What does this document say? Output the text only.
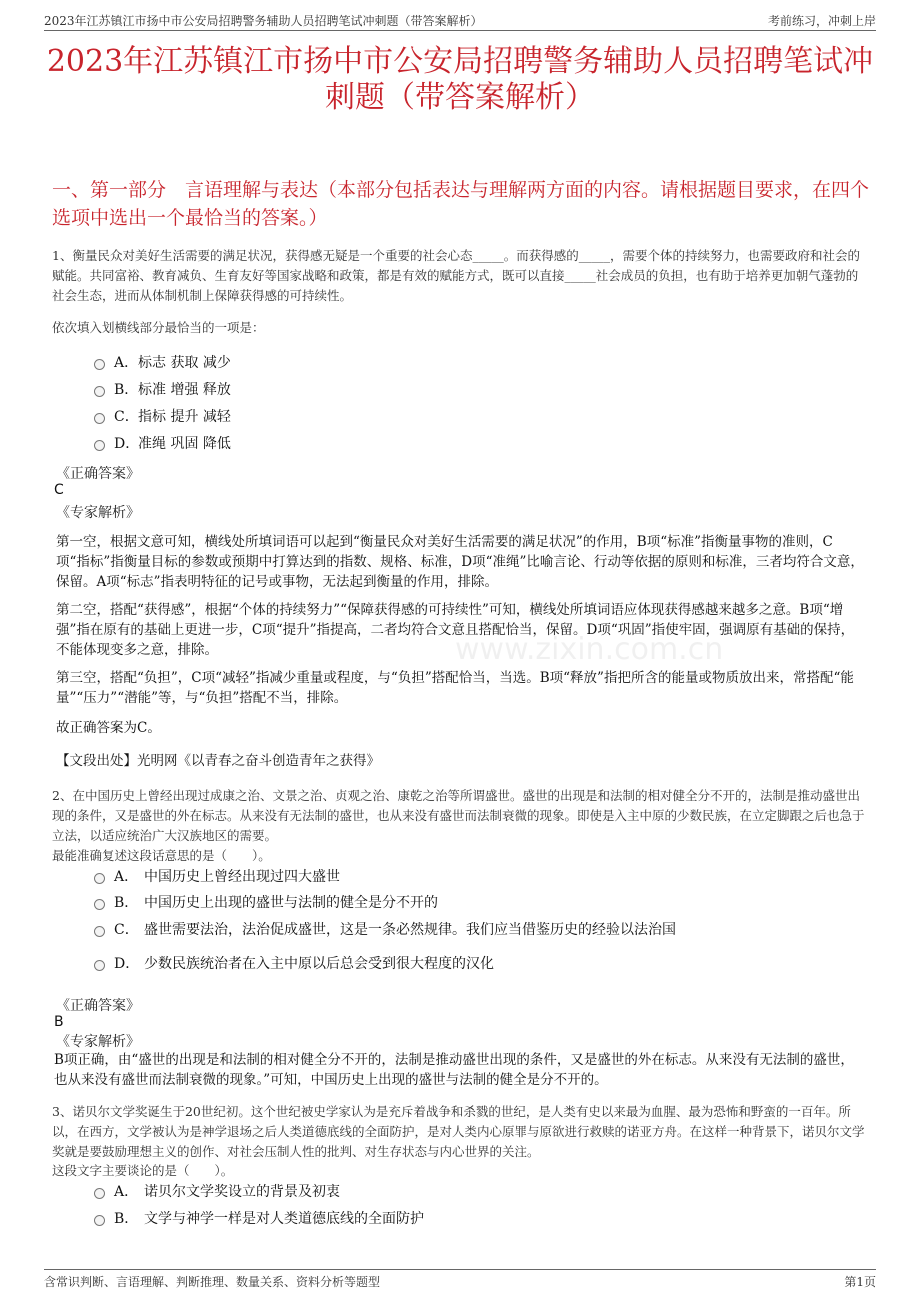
2023年江苏镇江市扬中市公安局招聘警务辅助人员招聘笔试冲刺题（带答案解析）	考前练习，冲刺上岸
2023年江苏镇江市扬中市公安局招聘警务辅助人员招聘笔试冲刺题（带答案解析）
一、第一部分　言语理解与表达（本部分包括表达与理解两方面的内容。请根据题目要求，在四个选项中选出一个最恰当的答案。）
www.zixin.com.cn
1、衡量民众对美好生活需要的满足状况，获得感无疑是一个重要的社会心态_____。而获得感的_____，需要个体的持续努力，也需要政府和社会的赋能。共同富裕、教育减负、生育友好等国家战略和政策，都是有效的赋能方式，既可以直接_____社会成员的负担，也有助于培养更加朝气蓬勃的社会生态，进而从体制机制上保障获得感的可持续性。
依次填入划横线部分最恰当的一项是：
A． 标志 获取 减少
B． 标准 增强 释放
C． 指标 提升 减轻
D．
准绳 巩固 降低
《正确答案》
C
《专家解析》
第一空，根据文意可知，横线处所填词语可以起到“衡量民众对美好生活需要的满足状况”的作用，B项“标准”指衡量事物的准则，C项“指标”指衡量目标的参数或预期中打算达到的指数、规格、标准，D项“准绳”比喻言论、行动等依据的原则和标准，三者均符合文意，保留。A项“标志”指表明特征的记号或事物，无法起到衡量的作用，排除。
第二空，搭配“获得感”，根据“个体的持续努力”“保障获得感的可持续性”可知，横线处所填词语应体现获得感越来越多之意。B项“增强”指在原有的基础上更进一步，C项“提升”指提高，二者均符合文意且搭配恰当，保留。D项“巩固”指使牢固，强调原有基础的保持，不能体现变多之意，排除。
第三空，搭配“负担”，C项“减轻”指减少重量或程度，与“负担”搭配恰当，当选。B项“释放”指把所含的能量或物质放出来，常搭配“能量”“压力”“潜能”等，与“负担”搭配不当，排除。
故正确答案为C。
【文段出处】光明网《以青春之奋斗创造青年之获得》
2、在中国历史上曾经出现过成康之治、文景之治、贞观之治、康乾之治等所谓盛世。盛世的出现是和法制的相对健全分不开的，法制是推动盛世出现的条件，又是盛世的外在标志。从来没有无法制的盛世，也从来没有盛世而法制衰微的现象。即使是入主中原的少数民族，在立定脚跟之后也急于立法，以适应统治广大汉族地区的需要。
最能准确复述这段话意思的是（　　）。
A． 中国历史上曾经出现过四大盛世
B． 中国历史上出现的盛世与法制的健全是分不开的
C． 盛世需要法治，法治促成盛世，这是一条必然规律。我们应当借鉴历史的经验以法治国
D． 少数民族统治者在入主中原以后总会受到很大程度的汉化
《正确答案》
B
《专家解析》
B项正确，由“盛世的出现是和法制的相对健全分不开的，法制是推动盛世出现的条件，又是盛世的外在标志。从来没有无法制的盛世，也从来没有盛世而法制衰微的现象。”可知，中国历史上出现的盛世与法制的健全是分不开的。
3、诺贝尔文学奖诞生于20世纪初。这个世纪被史学家认为是充斥着战争和杀戮的世纪，是人类有史以来最为血腥、最为恐怖和野蛮的一百年。所以，在西方，文学被认为是神学退场之后人类道德底线的全面防护，是对人类内心原罪与原欲进行救赎的诺亚方舟。在这样一种背景下，诺贝尔文学奖就是要鼓励理想主义的创作、对社会压制人性的批判、对生存状态与内心世界的关注。
这段文字主要谈论的是（　　）。
A． 诺贝尔文学奖设立的背景及初衷
B． 文学与神学一样是对人类道德底线的全面防护
含常识判断、言语理解、判断推理、数量关系、资料分析等题型	第1页
